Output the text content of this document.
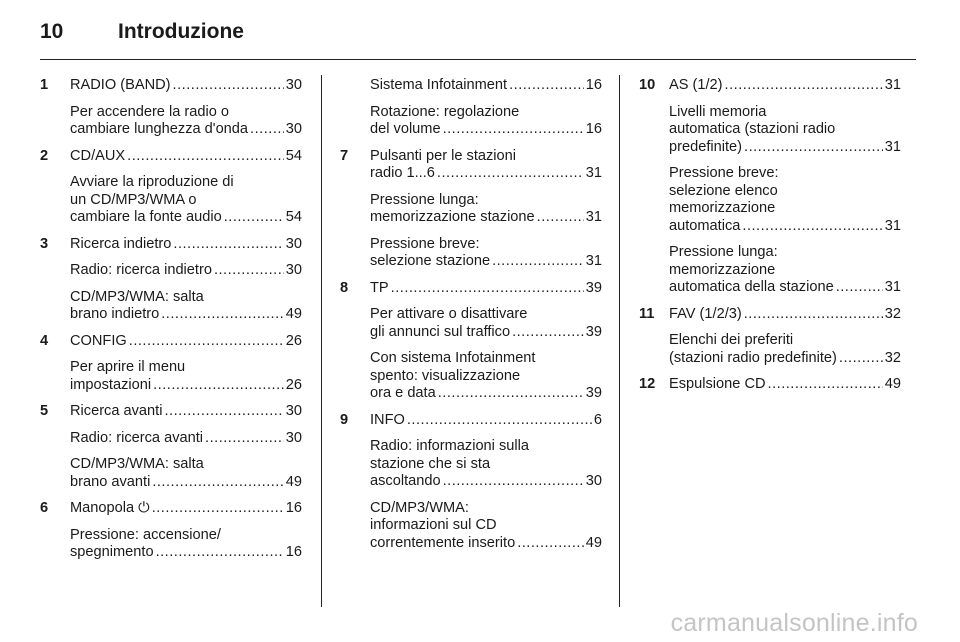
10	Introduzione
1 RADIO (BAND) .....	30
Per accendere la radio o
cambiare lunghezza d'onda .....	30
2 CD/AUX .....	54
Avviare la riproduzione di
un CD/MP3/WMA o
cambiare la fonte audio .....	54
3 Ricerca indietro .....	30
Radio: ricerca indietro .....	30
CD/MP3/WMA: salta
brano indietro .....	49
4 CONFIG .....	26
Per aprire il menu
impostazioni .....	26
5 Ricerca avanti .....	30
Radio: ricerca avanti .....	30
CD/MP3/WMA: salta
brano avanti .....	49
6 Manopola ⏻ .....	16
Pressione: accensione/
spegnimento .....	16
Sistema Infotainment .....	16
Rotazione: regolazione
del volume .....	16
7 Pulsanti per le stazioni
radio 1...6 .....	31
Pressione lunga:
memorizzazione stazione .....	31
Pressione breve:
selezione stazione .....	31
8 TP .....	39
Per attivare o disattivare
gli annunci sul traffico .....	39
Con sistema Infotainment
spento: visualizzazione
ora e data .....	39
9 INFO .....	6
Radio: informazioni sulla
stazione che si sta
ascoltando .....	30
CD/MP3/WMA:
informazioni sul CD
correntemente inserito .....	49
10 AS (1/2) .....	31
Livelli memoria
automatica (stazioni radio
predefinite) .....	31
Pressione breve:
selezione elenco
memorizzazione
automatica .....	31
Pressione lunga:
memorizzazione
automatica della stazione .....	31
11 FAV (1/2/3) .....	32
Elenchi dei preferiti
(stazioni radio predefinite) .....	32
12 Espulsione CD .....	49
carmanualsonline.info
